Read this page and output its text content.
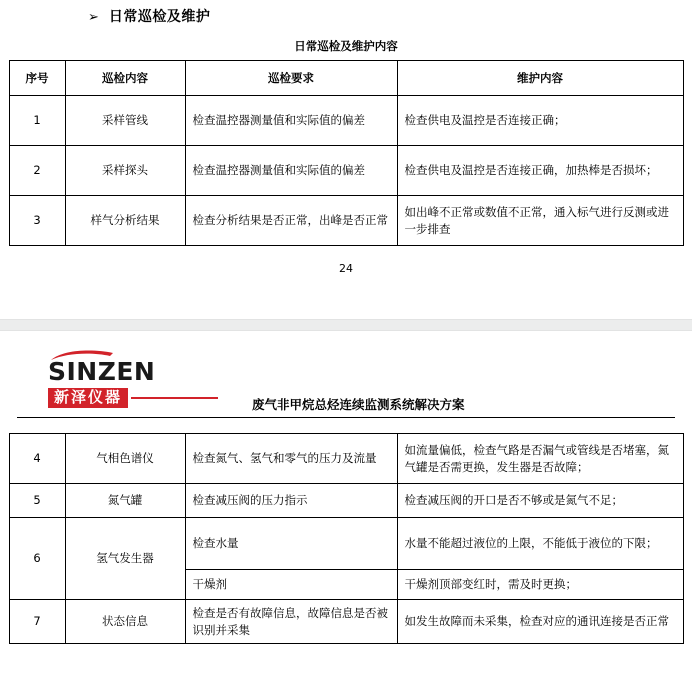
➢ 日常巡检及维护
日常巡检及维护内容
序号	巡检内容	巡检要求	维护内容
1	采样管线	检查温控器测量值和实际值的偏差	检查供电及温控是否连接正确；
2	采样探头	检查温控器测量值和实际值的偏差	检查供电及温控是否连接正确，加热棒是否损坏；
3	样气分析结果	检查分析结果是否正常，出峰是否正常	如出峰不正常或数值不正常，通入标气进行反测或进一步排查
24
SINZEN
新泽仪器	废气非甲烷总烃连续监测系统解决方案
4	气相色谱仪	检查氮气、氢气和零气的压力及流量	如流量偏低，检查气路是否漏气或管线是否堵塞，氮气罐是否需更换，发生器是否故障；
5	氮气罐	检查减压阀的压力指示	检查减压阀的开口是否不够或是氮气不足；
6	氢气发生器	检查水量	水量不能超过液位的上限，不能低于液位的下限；
		干燥剂	干燥剂顶部变红时，需及时更换；
7	状态信息	检查是否有故障信息，故障信息是否被识别并采集	如发生故障而未采集，检查对应的通讯连接是否正常
